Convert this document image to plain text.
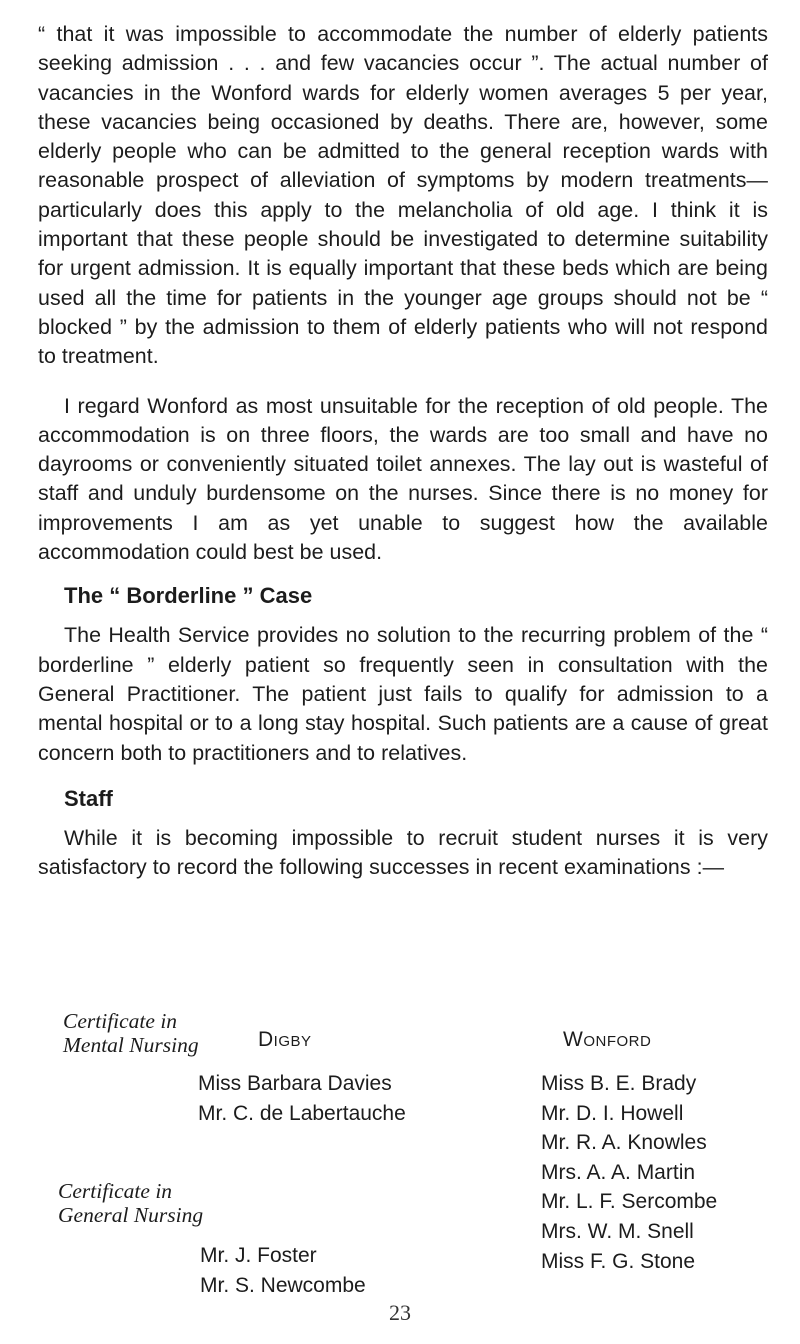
“ that it was impossible to accommodate the number of elderly patients seeking admission . . . and few vacancies occur ”. The actual number of vacancies in the Wonford wards for elderly women averages 5 per year, these vacancies being occasioned by deaths. There are, however, some elderly people who can be admitted to the general reception wards with reasonable prospect of alleviation of symptoms by modern treatments—particularly does this apply to the melancholia of old age. I think it is important that these people should be investigated to determine suitability for urgent admission. It is equally important that these beds which are being used all the time for patients in the younger age groups should not be “ blocked ” by the admission to them of elderly patients who will not respond to treatment.

I regard Wonford as most unsuitable for the reception of old people. The accommodation is on three floors, the wards are too small and have no dayrooms or conveniently situated toilet annexes. The lay out is wasteful of staff and unduly burdensome on the nurses. Since there is no money for improvements I am as yet unable to suggest how the available accommodation could best be used.

The “ Borderline ” Case

The Health Service provides no solution to the recurring problem of the “ borderline ” elderly patient so frequently seen in consultation with the General Practitioner. The patient just fails to qualify for admission to a mental hospital or to a long stay hospital. Such patients are a cause of great concern both to practitioners and to relatives.

Staff

While it is becoming impossible to recruit student nurses it is very satisfactory to record the following successes in recent examinations :—

Certificate in
Mental Nursing	Digby	Wonford
Miss Barbara Davies
Mr. C. de Labertauche
Miss B. E. Brady
Mr. D. I. Howell
Mr. R. A. Knowles
Mrs. A. A. Martin
Mr. L. F. Sercombe
Mrs. W. M. Snell
Miss F. G. Stone
Certificate in
General Nursing
Mr. J. Foster
Mr. S. Newcombe
23
